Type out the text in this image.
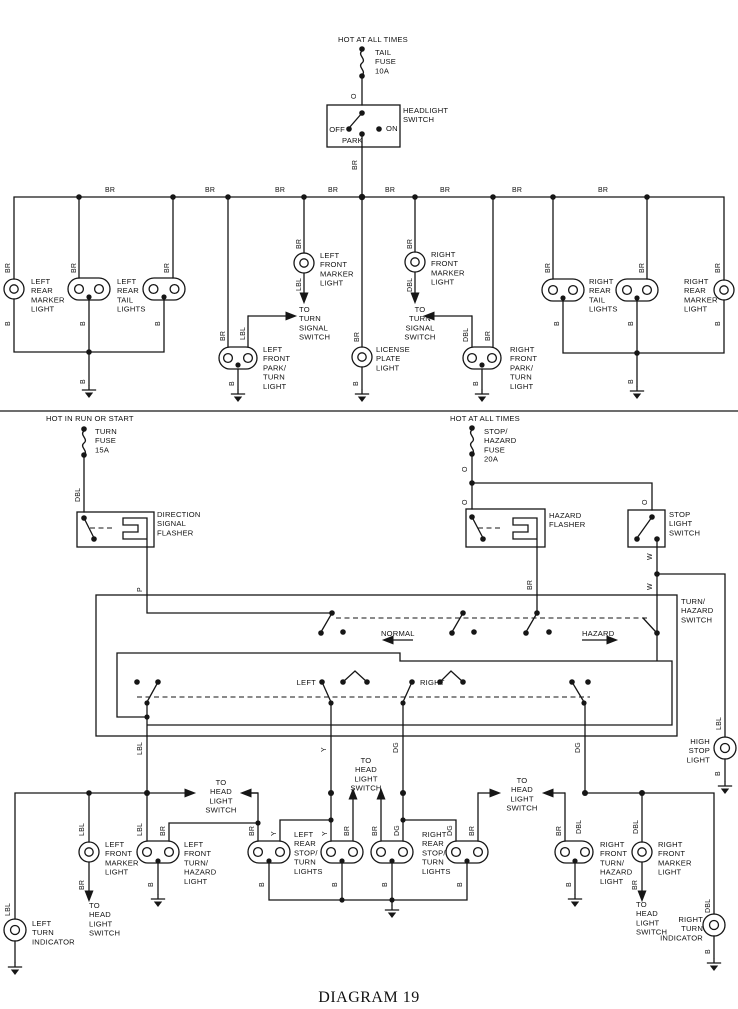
HOT AT ALL TIMES
TAIL FUSE 10A
O
HEADLIGHT SWITCH
OFF	ON
PARK
BR
HOT IN RUN OR START
TURN FUSE 15A
DBL
DIRECTION SIGNAL FLASHER
HOT AT ALL TIMES
STOP/ HAZARD FUSE 20A
O
O	O
HAZARD FLASHER
STOP LIGHT SWITCH
W
W
BR
P
TURN/ HAZARD SWITCH
NORMAL	HAZARD
LEFT	RIGHT
BR	BR	BR	BR	BR	BR	BR	BR
BR	BR	BR
BR LBL
BR
LBL
BR
BR
DBL
DBL BR
BR	BR	BR
B	B	B
B	B	B	B
B	B	B
B
LBL	Y	DG	DG
LBL
LBL
BR
LBL BR
B
BR Y	Y BR	BR DG	DG BR
B	B	B	B
BR DBL
B
DBL
BR
DBL
B
LBL
B
LEFT REAR MARKER LIGHT
LEFT REAR TAIL LIGHTS
LEFT FRONT MARKER LIGHT
TO TURN SIGNAL SWITCH
LEFT FRONT PARK/ TURN LIGHT
LICENSE PLATE LIGHT
TO TURN SIGNAL SWITCH
RIGHT FRONT MARKER LIGHT
RIGHT FRONT PARK/ TURN LIGHT
RIGHT REAR TAIL LIGHTS
RIGHT REAR MARKER LIGHT
TO HEAD LIGHT SWITCH
TO HEAD LIGHT SWITCH
TO HEAD LIGHT SWITCH
LEFT FRONT MARKER LIGHT
TO HEAD LIGHT SWITCH
LEFT FRONT TURN/ HAZARD LIGHT
LEFT REAR STOP/ TURN LIGHTS
RIGHT REAR STOP/ TURN LIGHTS
RIGHT FRONT TURN/ HAZARD LIGHT
RIGHT FRONT MARKER LIGHT
TO HEAD LIGHT SWITCH
HIGH STOP LIGHT
LEFT TURN INDICATOR
RIGHT TURN INDICATOR
DIAGRAM 19
